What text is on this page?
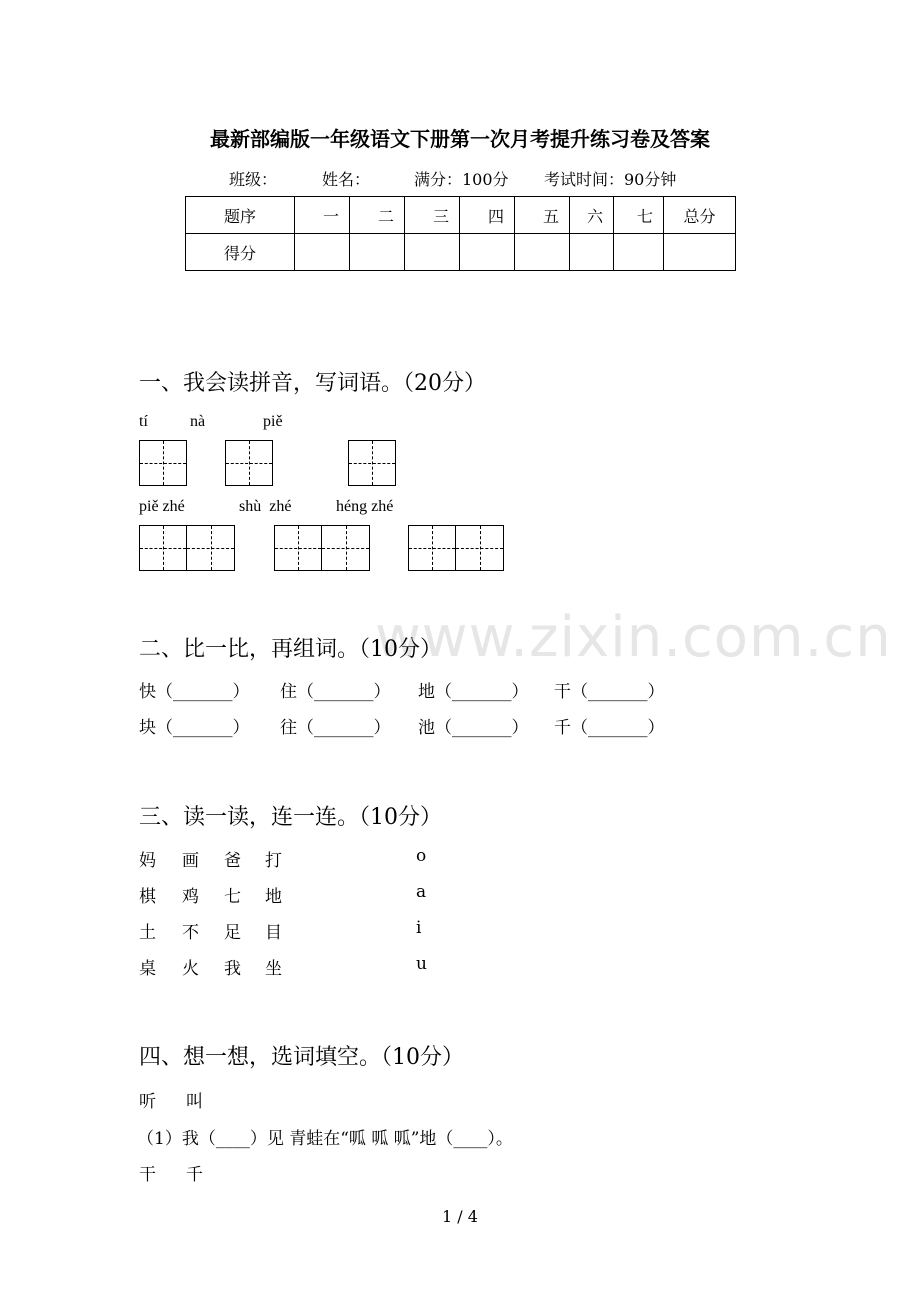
最新部编版一年级语文下册第一次月考提升练习卷及答案
班级：	姓名：	满分：100分 考试时间：90分钟
题序	一	二	三	四	五	六	七	总分
得分								
一、我会读拼音，写词语。（20分）
tí	nà	piě
piě zhé	shù  zhé	héng zhé
www.zixin.com.cn
二、比一比，再组词。（10分）
快（_______） 住（_______） 地（_______） 干（_______）
块（_______） 往（_______） 池（_______） 千（_______）
三、读一读，连一连。（10分）
妈 画 爸 打	o
棋 鸡 七 地	a
土 不 足 目	i
桌 火 我 坐	u
四、想一想，选词填空。（10分）
听 叫
（1）我（____）见 青蛙在“呱 呱 呱”地（____）。
干 千
1 / 4
